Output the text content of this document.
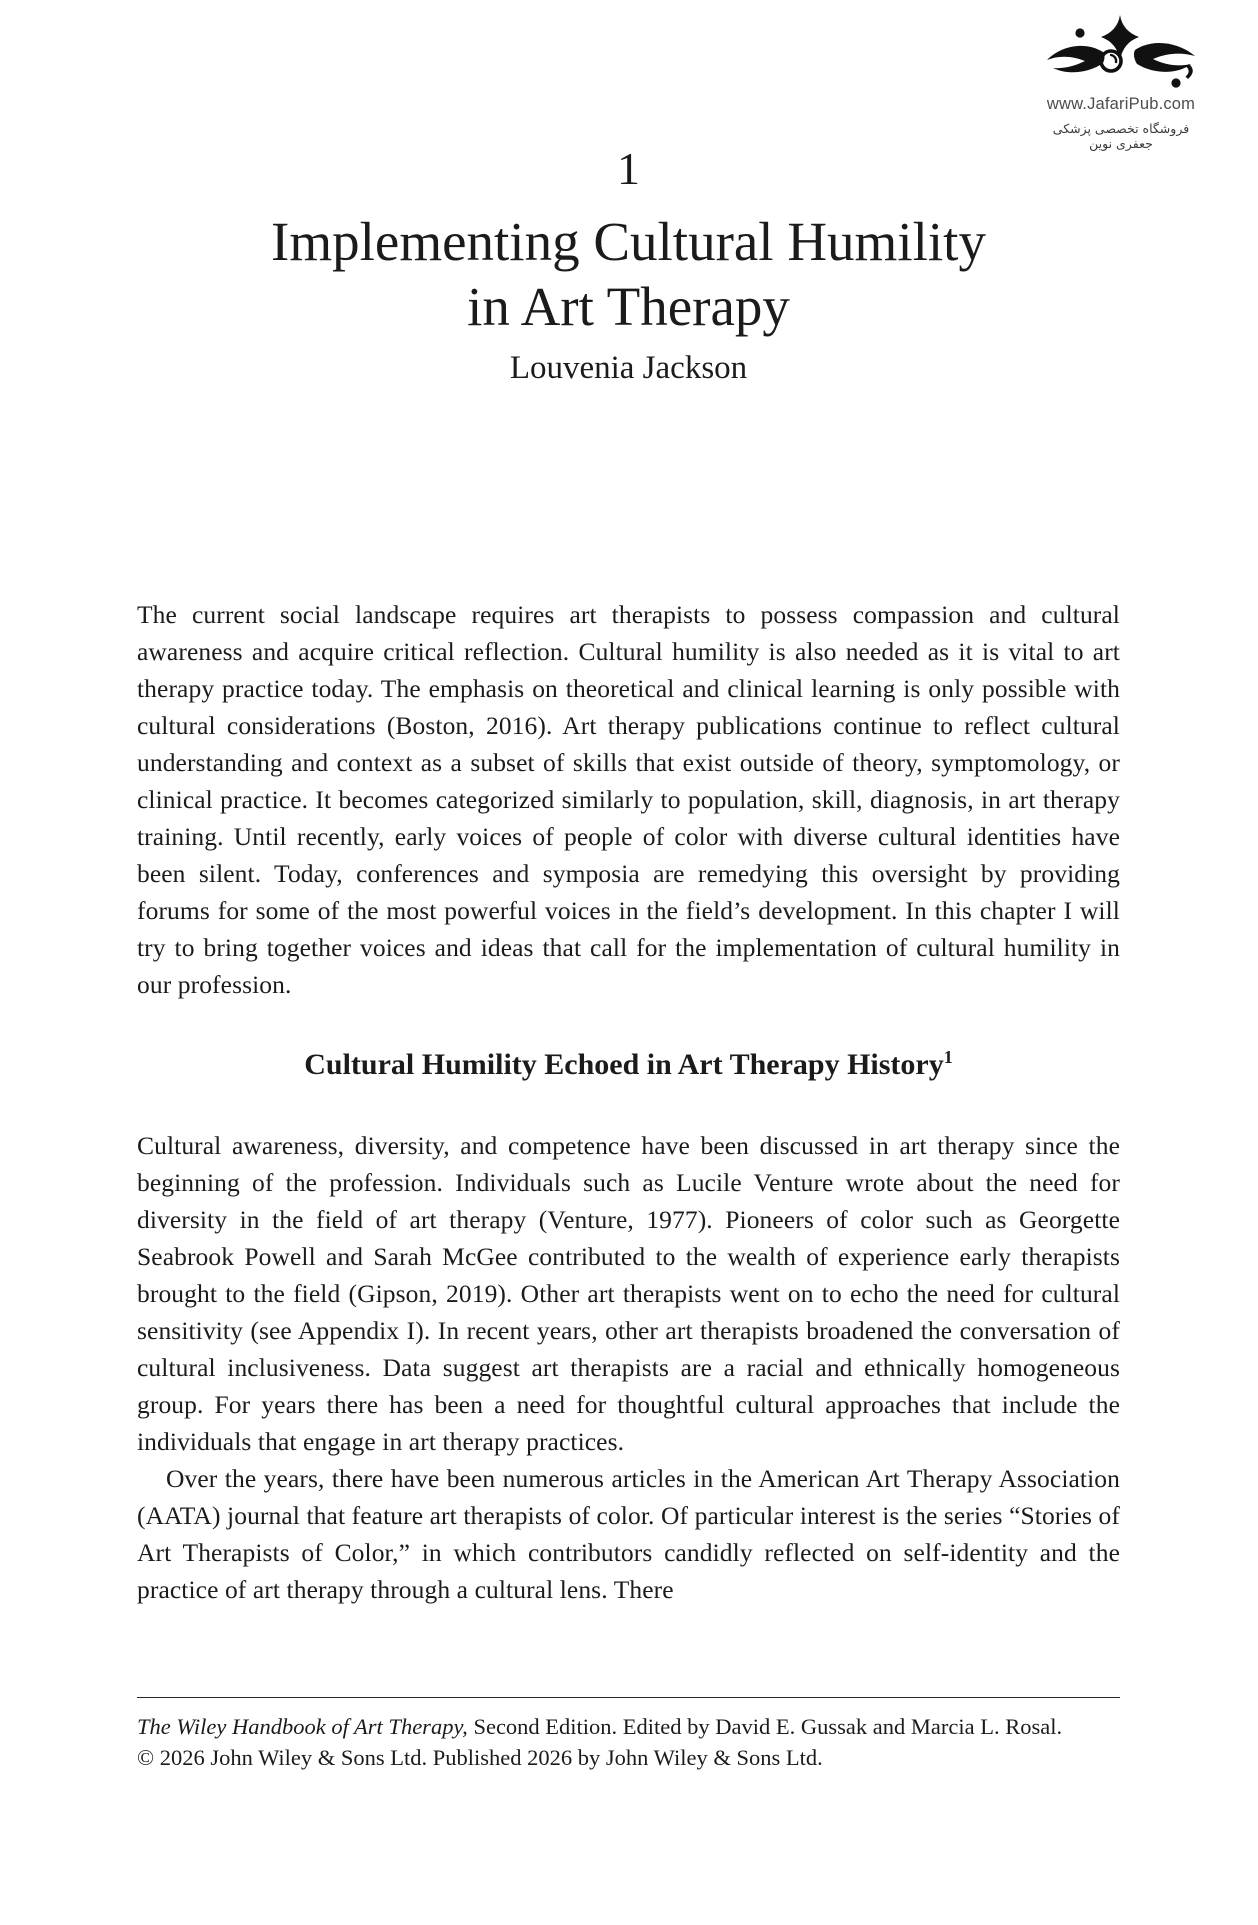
www.JafariPub.com
فروشگاه تخصصی پزشکی جعفری نوین
1
Implementing Cultural Humility
in Art Therapy
Louvenia Jackson

The current social landscape requires art therapists to possess compassion and cultural awareness and acquire critical reflection. Cultural humility is also needed as it is vital to art therapy practice today. The emphasis on theoretical and clinical learning is only possible with cultural considerations (Boston, 2016). Art therapy publications continue to reflect cultural understanding and context as a subset of skills that exist outside of theory, symptomology, or clinical practice. It becomes categorized similarly to population, skill, diagnosis, in art therapy training. Until recently, early voices of people of color with diverse cultural identities have been silent. Today, conferences and symposia are remedying this oversight by providing forums for some of the most powerful voices in the field’s development. In this chapter I will try to bring together voices and ideas that call for the implementation of cultural humility in our profession.

Cultural Humility Echoed in Art Therapy History$^1$

Cultural awareness, diversity, and competence have been discussed in art therapy since the beginning of the profession. Individuals such as Lucile Venture wrote about the need for diversity in the field of art therapy (Venture, 1977). Pioneers of color such as Georgette Seabrook Powell and Sarah McGee contributed to the wealth of experience early therapists brought to the field (Gipson, 2019). Other art therapists went on to echo the need for cultural sensitivity (see Appendix I). In recent years, other art therapists broadened the conversation of cultural inclusiveness. Data suggest art therapists are a racial and ethnically homogeneous group. For years there has been a need for thoughtful cultural approaches that include the individuals that engage in art therapy practices.

Over the years, there have been numerous articles in the American Art Therapy Association (AATA) journal that feature art therapists of color. Of particular interest is the series “Stories of Art Therapists of Color,” in which contributors candidly reflected on self-identity and the practice of art therapy through a cultural lens. There

The Wiley Handbook of Art Therapy, Second Edition. Edited by David E. Gussak and Marcia L. Rosal.
© 2026 John Wiley & Sons Ltd. Published 2026 by John Wiley & Sons Ltd.
